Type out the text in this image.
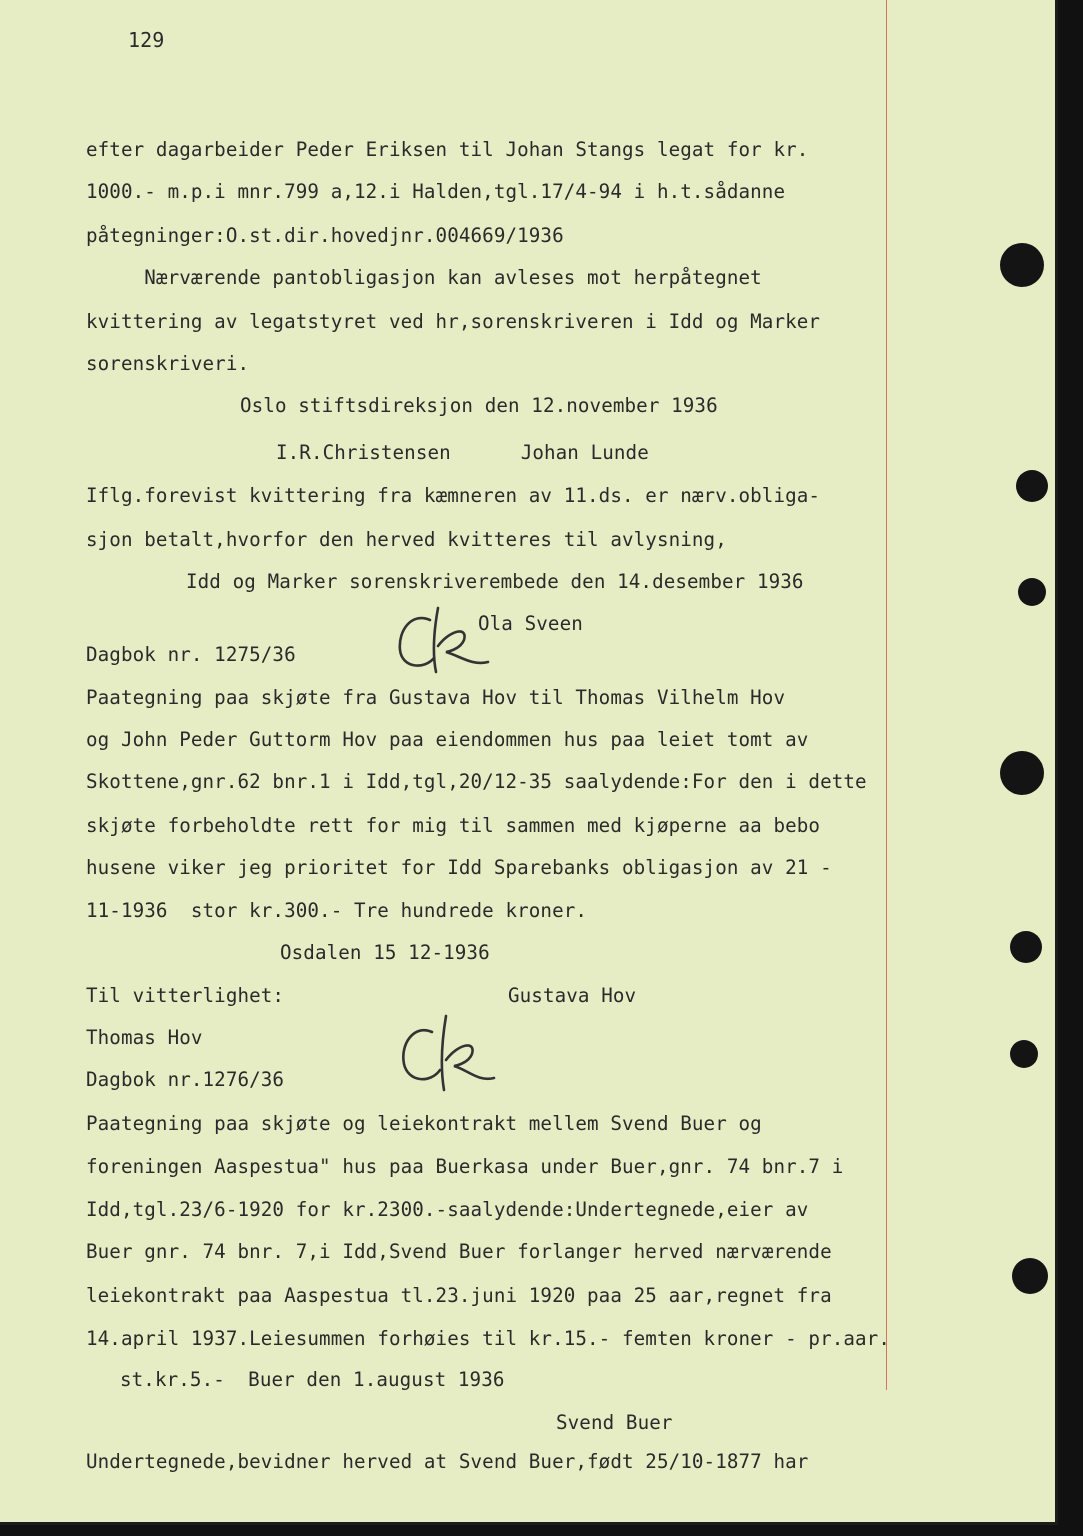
129
efter dagarbeider Peder Eriksen til Johan Stangs legat for kr.
1000.- m.p.i mnr.799 a,12.i Halden,tgl.17/4-94 i h.t.sådanne
påtegninger:O.st.dir.hovedjnr.004669/1936
Nærværende pantobligasjon kan avleses mot herpåtegnet
kvittering av legatstyret ved hr,sorenskriveren i Idd og Marker
sorenskriveri.
Oslo stiftsdireksjon den 12.november 1936
I.R.Christensen      Johan Lunde
Iflg.forevist kvittering fra kæmneren av 11.ds. er nærv.obliga-
sjon betalt,hvorfor den herved kvitteres til avlysning,
Idd og Marker sorenskriverembede den 14.desember 1936
Ola Sveen
Dagbok nr. 1275/36
Paategning paa skjøte fra Gustava Hov til Thomas Vilhelm Hov
og John Peder Guttorm Hov paa eiendommen hus paa leiet tomt av
Skottene,gnr.62 bnr.1 i Idd,tgl,20/12-35 saalydende:For den i dette
skjøte forbeholdte rett for mig til sammen med kjøperne aa bebo
husene viker jeg prioritet for Idd Sparebanks obligasjon av 21 -
11-1936  stor kr.300.- Tre hundrede kroner.
Osdalen 15 12-1936
Til vitterlighet:	Gustava Hov
Thomas Hov
Dagbok nr.1276/36
Paategning paa skjøte og leiekontrakt mellem Svend Buer og
foreningen Aaspestua" hus paa Buerkasa under Buer,gnr. 74 bnr.7 i
Idd,tgl.23/6-1920 for kr.2300.-saalydende:Undertegnede,eier av
Buer gnr. 74 bnr. 7,i Idd,Svend Buer forlanger herved nærværende
leiekontrakt paa Aaspestua tl.23.juni 1920 paa 25 aar,regnet fra
14.april 1937.Leiesummen forhøies til kr.15.- femten kroner - pr.aar.
st.kr.5.-  Buer den 1.august 1936
Svend Buer
Undertegnede,bevidner herved at Svend Buer,født 25/10-1877 har
